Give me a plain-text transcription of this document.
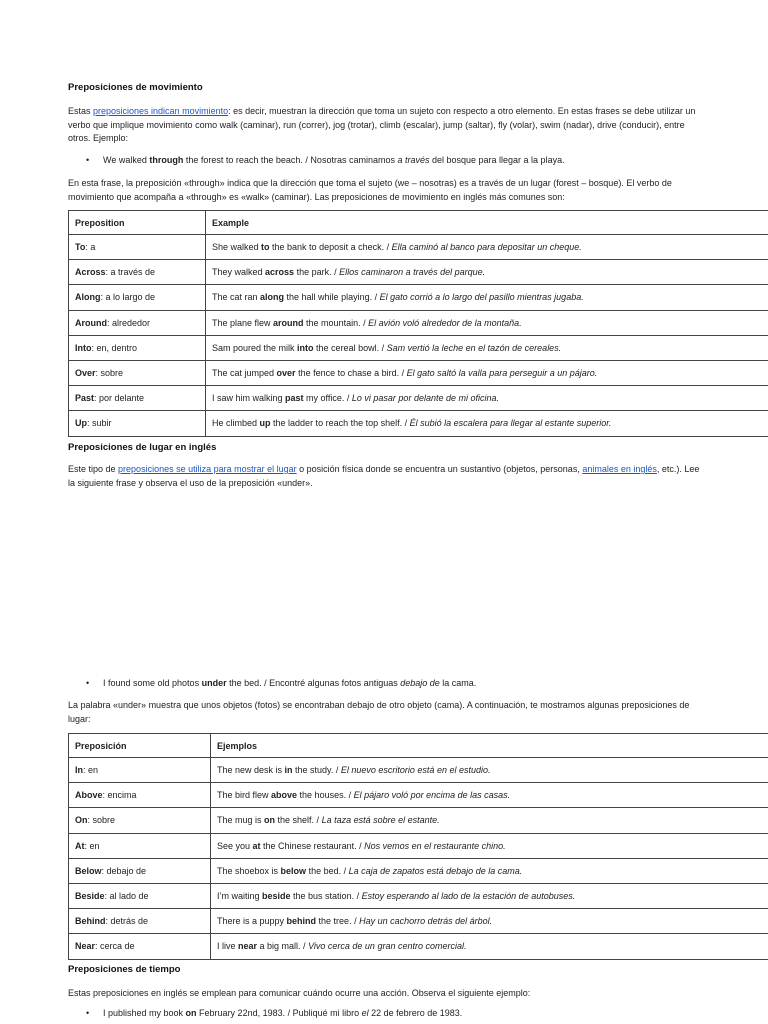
Preposiciones de movimiento

Estas preposiciones indican movimiento: es decir, muestran la dirección que toma un sujeto con respecto a otro elemento. En estas frases se debe utilizar un verbo que implique movimiento como walk (caminar), run (correr), jog (trotar), climb (escalar), jump (saltar), fly (volar), swim (nadar), drive (conducir), entre otros. Ejemplo:

• We walked through the forest to reach the beach. / Nosotras caminamos a través del bosque para llegar a la playa.

En esta frase, la preposición «through» indica que la dirección que toma el sujeto (we – nosotras) es a través de un lugar (forest – bosque). El verbo de movimiento que acompaña a «through» es «walk» (caminar). Las preposiciones de movimiento en inglés más comunes son:

Preposition	Example
To: a	She walked to the bank to deposit a check. / Ella caminó al banco para depositar un cheque.
Across: a través de	They walked across the park. / Ellos caminaron a través del parque.
Along: a lo largo de	The cat ran along the hall while playing. / El gato corrió a lo largo del pasillo mientras jugaba.
Around: alrededor	The plane flew around the mountain. / El avión voló alrededor de la montaña.
Into: en, dentro	Sam poured the milk into the cereal bowl. / Sam vertió la leche en el tazón de cereales.
Over: sobre	The cat jumped over the fence to chase a bird. / El gato saltó la valla para perseguir a un pájaro.
Past: por delante	I saw him walking past my office. / Lo vi pasar por delante de mi oficina.
Up: subir	He climbed up the ladder to reach the top shelf. / Él subió la escalera para llegar al estante superior.
Preposiciones de lugar en inglés

Este tipo de preposiciones se utiliza para mostrar el lugar o posición física donde se encuentra un sustantivo (objetos, personas, animales en inglés, etc.). Lee la siguiente frase y observa el uso de la preposición «under».

• I found some old photos under the bed. / Encontré algunas fotos antiguas debajo de la cama.

La palabra «under» muestra que unos objetos (fotos) se encontraban debajo de otro objeto (cama). A continuación, te mostramos algunas preposiciones de lugar:

Preposición	Ejemplos
In: en	The new desk is in the study. / El nuevo escritorio está en el estudio.
Above: encima	The bird flew above the houses. / El pájaro voló por encima de las casas.
On: sobre	The mug is on the shelf. / La taza está sobre el estante.
At: en	See you at the Chinese restaurant. / Nos vemos en el restaurante chino.
Below: debajo de	The shoebox is below the bed. / La caja de zapatos está debajo de la cama.
Beside: al lado de	I’m waiting beside the bus station. / Estoy esperando al lado de la estación de autobuses.
Behind: detrás de	There is a puppy behind the tree. / Hay un cachorro detrás del árbol.
Near: cerca de	I live near a big mall. / Vivo cerca de un gran centro comercial.
Preposiciones de tiempo

Estas preposiciones en inglés se emplean para comunicar cuándo ocurre una acción. Observa el siguiente ejemplo:

• I published my book on February 22nd, 1983. / Publiqué mi libro el 22 de febrero de 1983.
